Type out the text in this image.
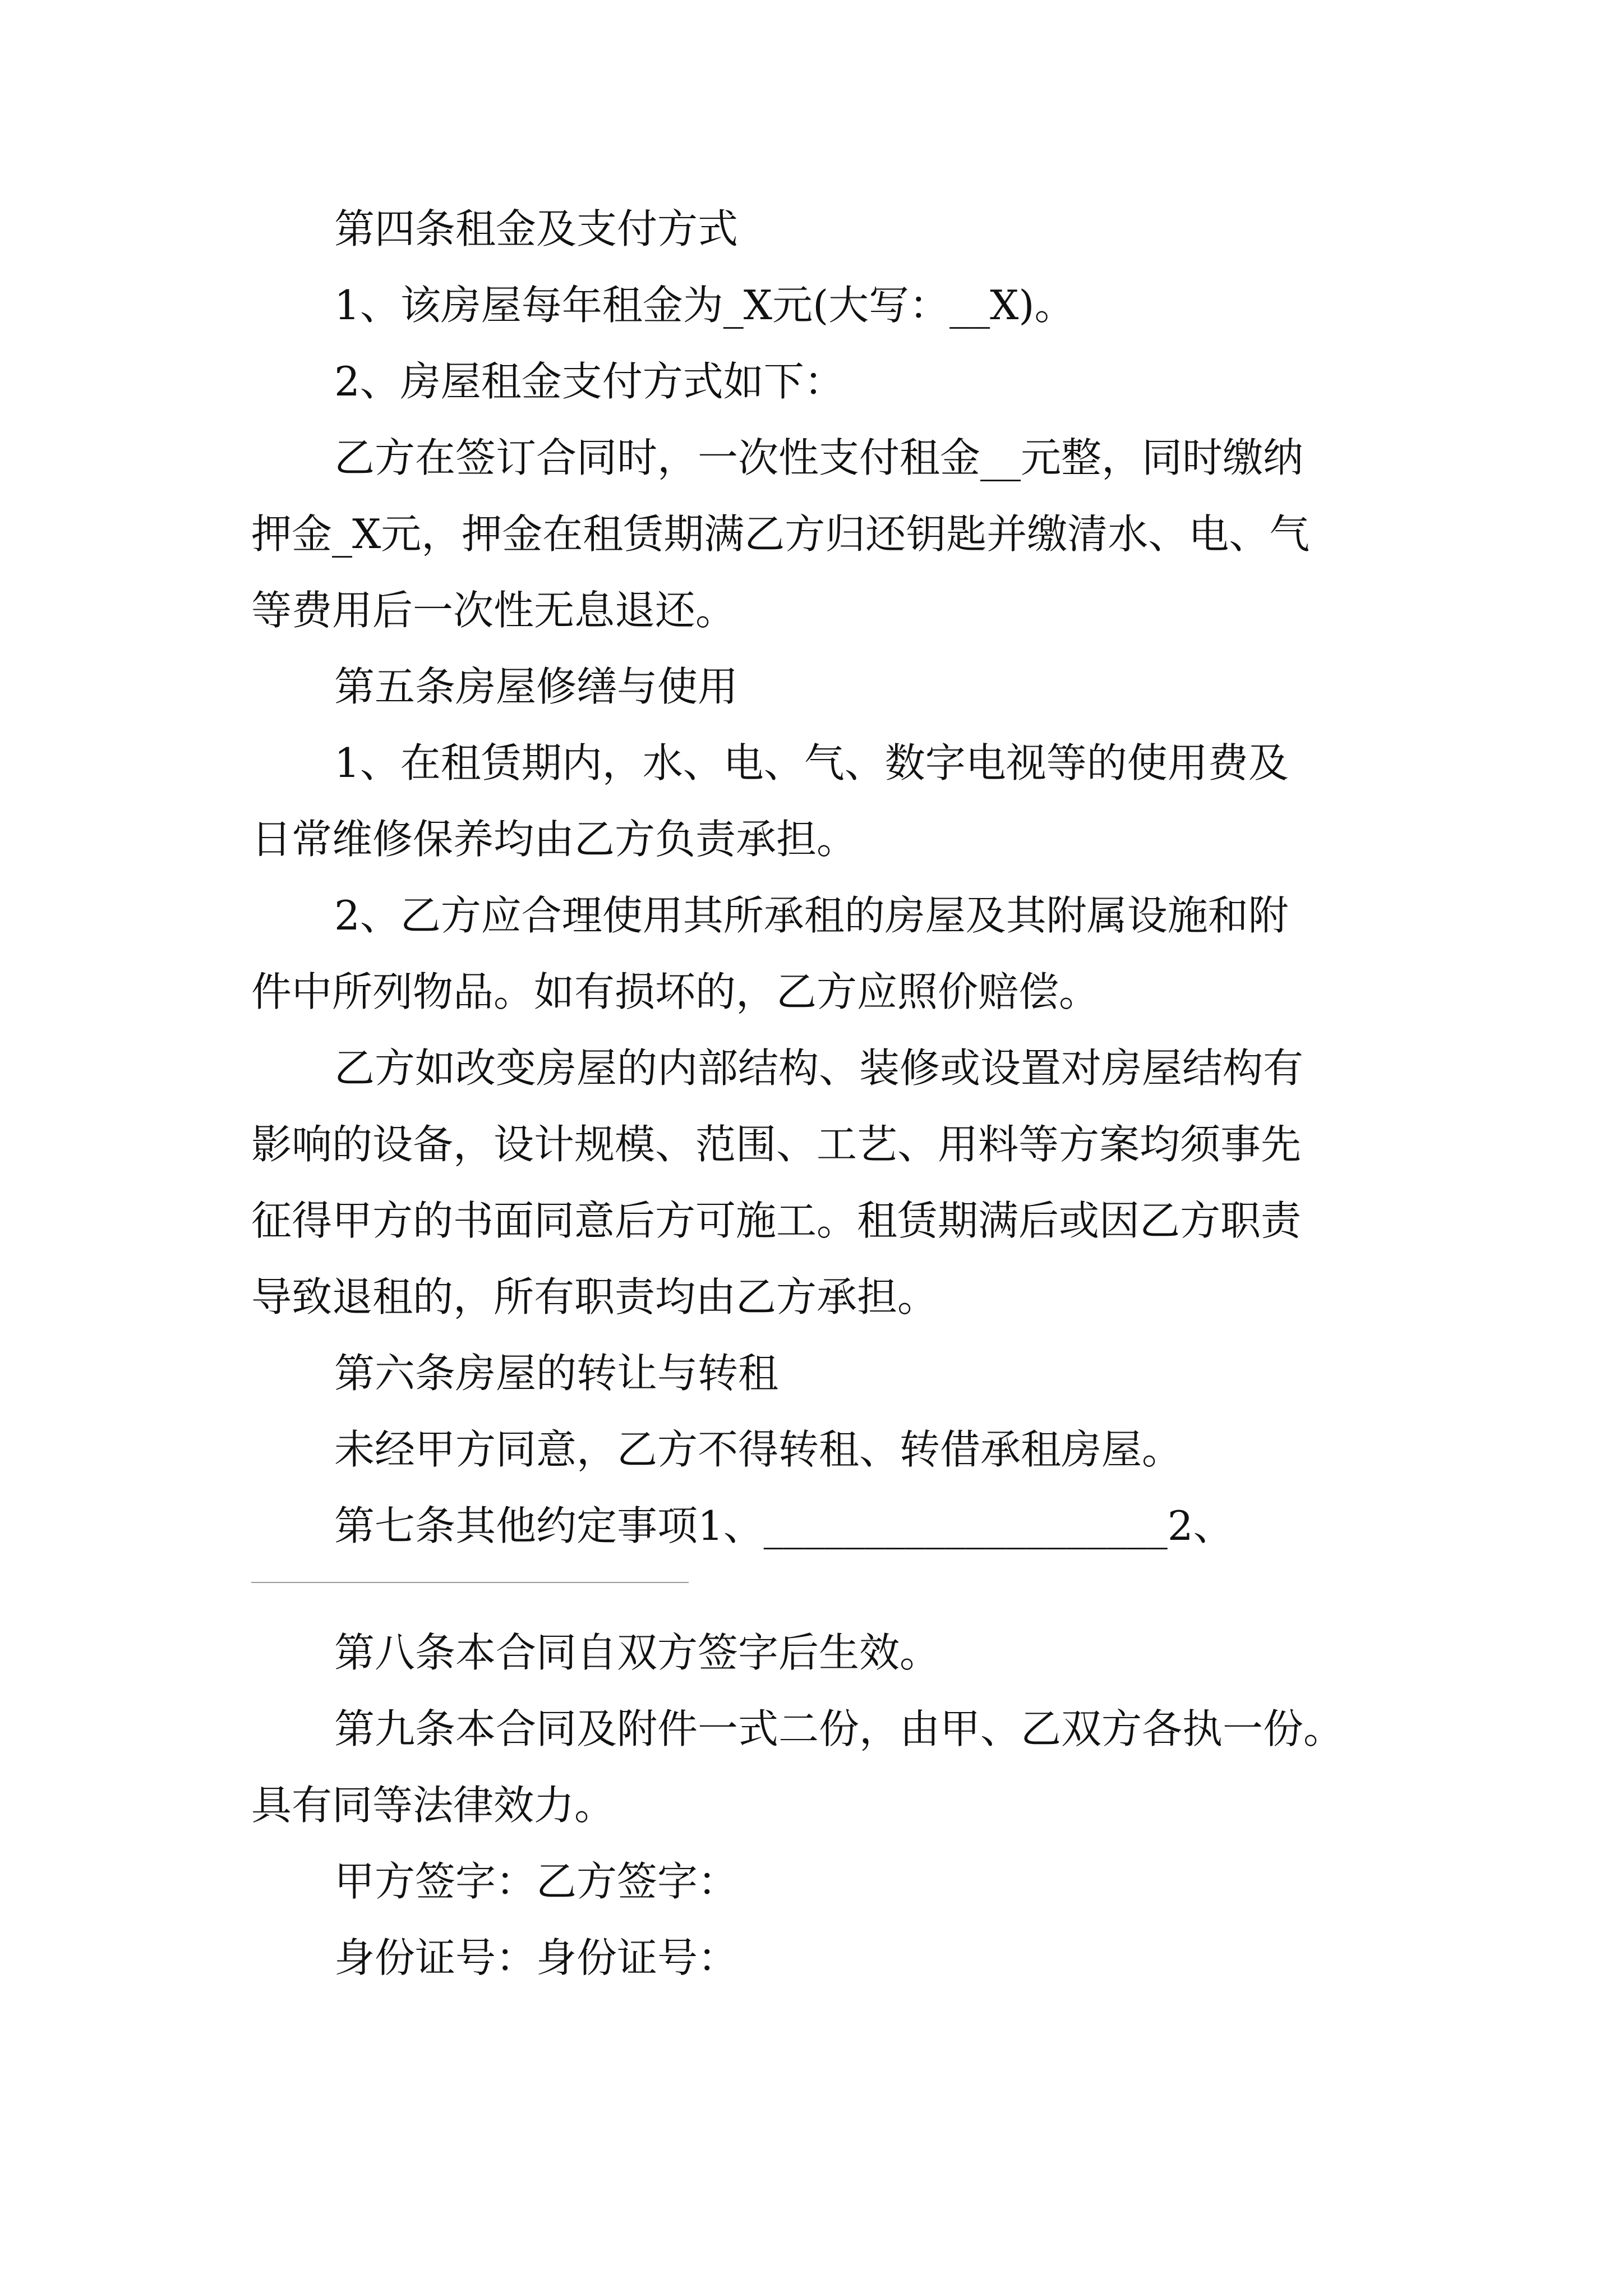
第四条租金及支付方式

1、该房屋每年租金为_X元(大写：__X)。

2、房屋租金支付方式如下：

乙方在签订合同时，一次性支付租金__元整，同时缴纳

押金_X元，押金在租赁期满乙方归还钥匙并缴清水、电、气

等费用后一次性无息退还。

第五条房屋修缮与使用

1、在租赁期内，水、电、气、数字电视等的使用费及

日常维修保养均由乙方负责承担。

2、乙方应合理使用其所承租的房屋及其附属设施和附

件中所列物品。如有损坏的，乙方应照价赔偿。

乙方如改变房屋的内部结构、装修或设置对房屋结构有

影响的设备，设计规模、范围、工艺、用料等方案均须事先

征得甲方的书面同意后方可施工。租赁期满后或因乙方职责

导致退租的，所有职责均由乙方承担。

第六条房屋的转让与转租

未经甲方同意，乙方不得转租、转借承租房屋。

第七条其他约定事项1、____________________2、

第八条本合同自双方签字后生效。

第九条本合同及附件一式二份，由甲、乙双方各执一份。

具有同等法律效力。

甲方签字：乙方签字：

身份证号：身份证号：
